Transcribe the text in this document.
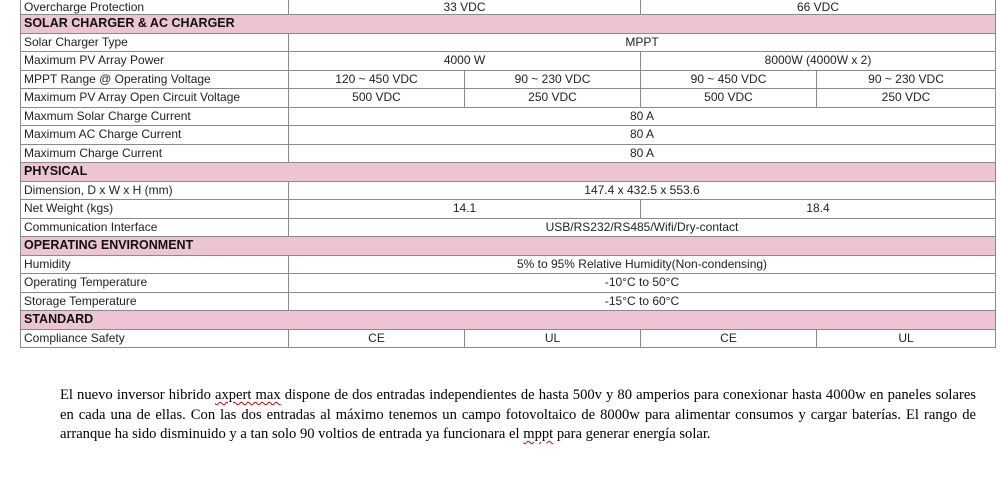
Overcharge Protection	33 VDC		66 VDC	
SOLAR CHARGER & AC CHARGER				
Solar Charger Type	MPPT			
Maximum PV Array Power	4000 W		8000W (4000W x 2)	
MPPT Range @ Operating Voltage	120 ~ 450 VDC	90 ~ 230 VDC	90 ~ 450 VDC	90 ~ 230 VDC
Maximum PV Array Open Circuit Voltage	500 VDC	250 VDC	500 VDC	250 VDC
Maxmum Solar Charge Current	80 A			
Maximum AC Charge Current	80 A			
Maximum Charge Current	80 A			
PHYSICAL				
Dimension, D x W x H (mm)	147.4 x 432.5 x 553.6			
Net Weight (kgs)	14.1		18.4	
Communication Interface	USB/RS232/RS485/Wifi/Dry-contact			
OPERATING ENVIRONMENT				
Humidity	5% to 95% Relative Humidity(Non-condensing)			
Operating Temperature	-10°C to 50°C			
Storage Temperature	-15°C to 60°C			
STANDARD				
Compliance Safety	CE	UL	CE	UL

El nuevo inversor hibrido axpert max dispone de dos entradas independientes de hasta 500v y 80 amperios para conexionar hasta 4000w en paneles solares en cada una de ellas. Con las dos entradas al máximo tenemos un campo fotovoltaico de 8000w para alimentar consumos y cargar baterías. El rango de arranque ha sido disminuido y a tan solo 90 voltios de entrada ya funcionara el mppt para generar energía solar.
